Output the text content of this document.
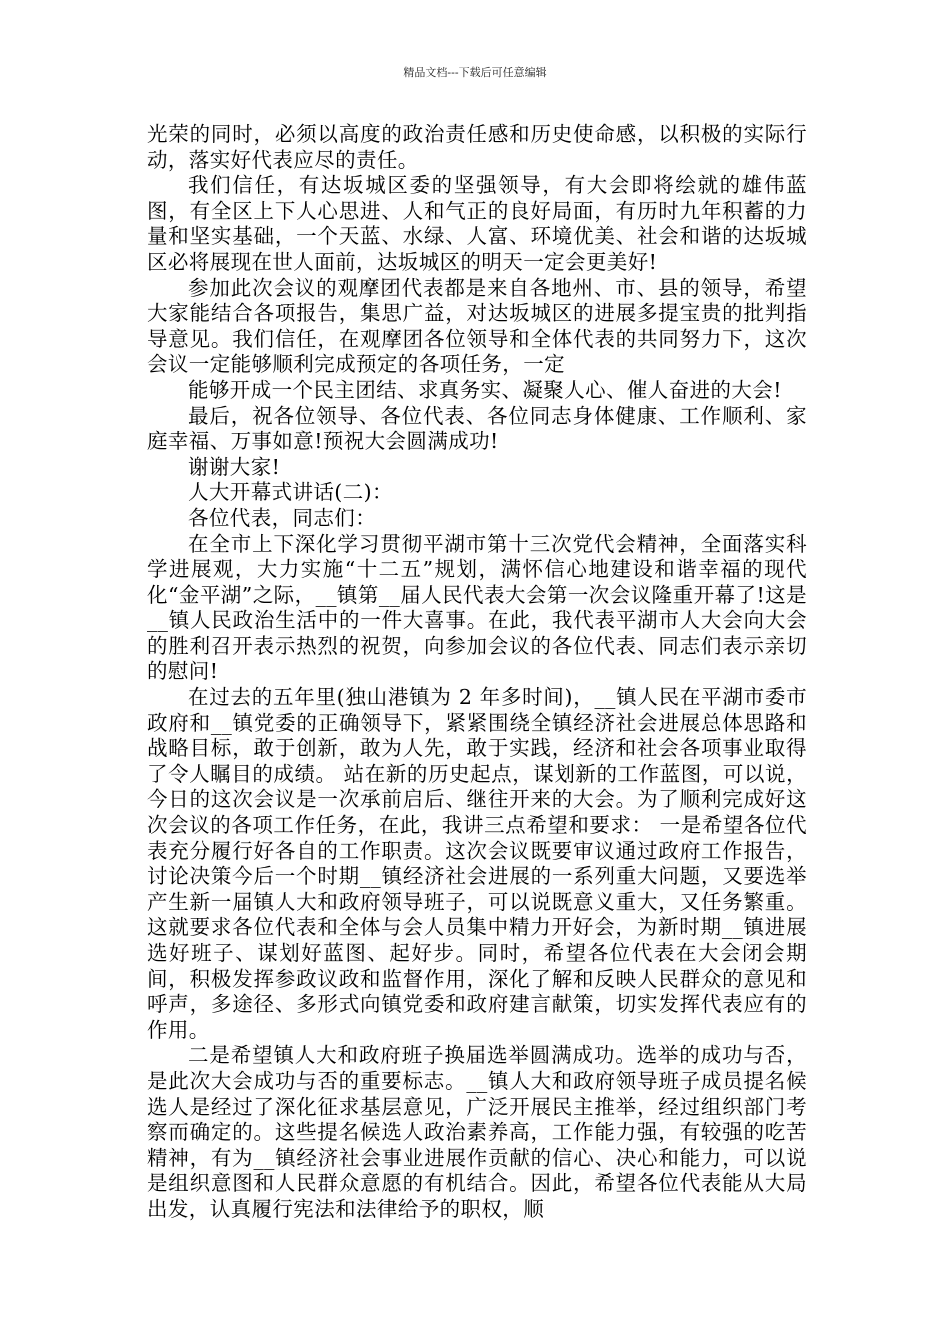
精品文档---下载后可任意编辑

光荣的同时，必须以高度的政治责任感和历史使命感，以积极的实际行动，落实好代表应尽的责任。

我们信任，有达坂城区委的坚强领导，有大会即将绘就的雄伟蓝图，有全区上下人心思进、人和气正的良好局面，有历时九年积蓄的力量和坚实基础，一个天蓝、水绿、人富、环境优美、社会和谐的达坂城区必将展现在世人面前，达坂城区的明天一定会更美好!

参加此次会议的观摩团代表都是来自各地州、市、县的领导，希望大家能结合各项报告，集思广益，对达坂城区的进展多提宝贵的批判指导意见。我们信任，在观摩团各位领导和全体代表的共同努力下，这次会议一定能够顺利完成预定的各项任务，一定

能够开成一个民主团结、求真务实、凝聚人心、催人奋进的大会!

最后，祝各位领导、各位代表、各位同志身体健康、工作顺利、家庭幸福、万事如意!预祝大会圆满成功!

谢谢大家!

人大开幕式讲话(二)：

各位代表，同志们：

在全市上下深化学习贯彻平湖市第十三次党代会精神，全面落实科学进展观，大力实施“十二五”规划，满怀信心地建设和谐幸福的现代化“金平湖”之际，__镇第__届人民代表大会第一次会议隆重开幕了!这是__镇人民政治生活中的一件大喜事。在此，我代表平湖市人大会向大会的胜利召开表示热烈的祝贺，向参加会议的各位代表、同志们表示亲切的慰问!

在过去的五年里(独山港镇为 2 年多时间)，__镇人民在平湖市委市政府和__镇党委的正确领导下，紧紧围绕全镇经济社会进展总体思路和战略目标，敢于创新，敢为人先，敢于实践，经济和社会各项事业取得了令人瞩目的成绩。 站在新的历史起点，谋划新的工作蓝图，可以说，今日的这次会议是一次承前启后、继往开来的大会。为了顺利完成好这次会议的各项工作任务，在此，我讲三点希望和要求： 一是希望各位代表充分履行好各自的工作职责。这次会议既要审议通过政府工作报告，讨论决策今后一个时期__镇经济社会进展的一系列重大问题，又要选举产生新一届镇人大和政府领导班子，可以说既意义重大，又任务繁重。这就要求各位代表和全体与会人员集中精力开好会，为新时期__镇进展选好班子、谋划好蓝图、起好步。同时，希望各位代表在大会闭会期间，积极发挥参政议政和监督作用，深化了解和反映人民群众的意见和呼声，多途径、多形式向镇党委和政府建言献策，切实发挥代表应有的作用。

二是希望镇人大和政府班子换届选举圆满成功。选举的成功与否，是此次大会成功与否的重要标志。__镇人大和政府领导班子成员提名候选人是经过了深化征求基层意见，广泛开展民主推举，经过组织部门考察而确定的。这些提名候选人政治素养高，工作能力强，有较强的吃苦精神，有为__镇经济社会事业进展作贡献的信心、决心和能力，可以说是组织意图和人民群众意愿的有机结合。因此，希望各位代表能从大局出发，认真履行宪法和法律给予的职权，顺
